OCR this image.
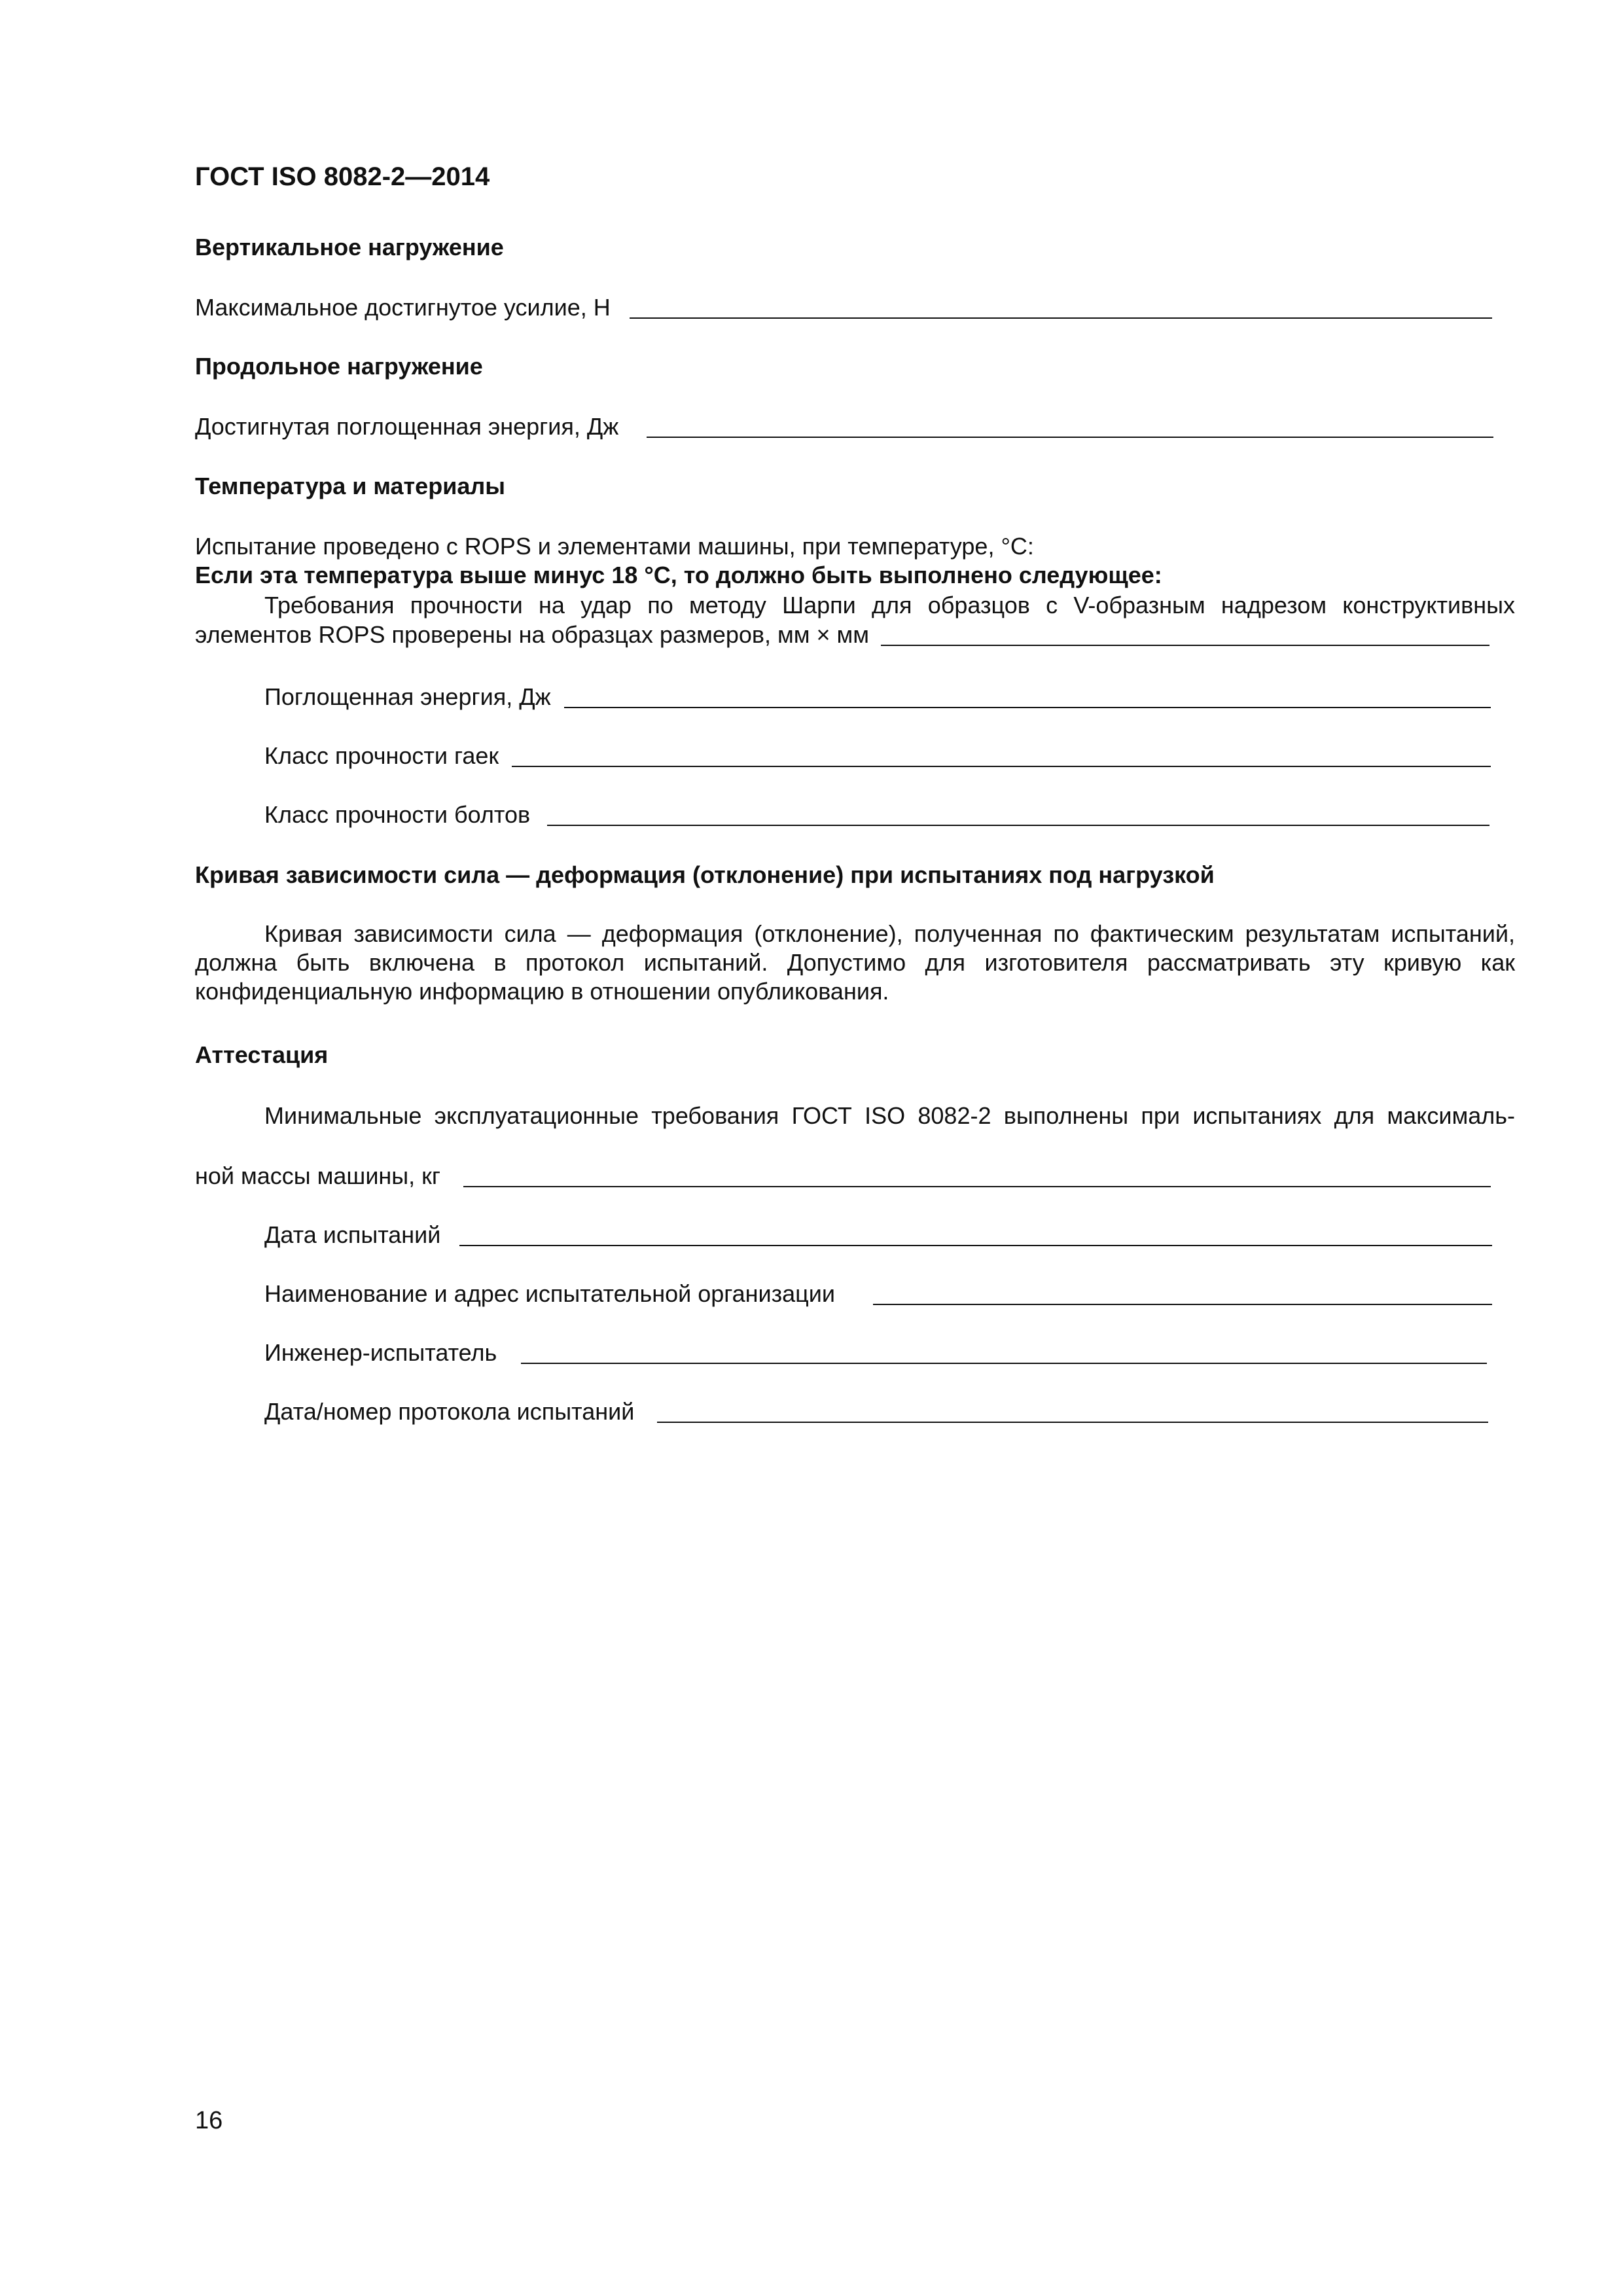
ГОСТ ISO 8082-2—2014
Вертикальное нагружение
Максимальное достигнутое усилие, Н
Продольное нагружение
Достигнутая поглощенная энергия, Дж
Температура и материалы
Испытание проведено с ROPS и элементами машины, при температуре, °С:
Если эта температура выше минус 18 °С, то должно быть выполнено следующее:
Требования прочности на удар по методу Шарпи для образцов с V-образным надрезом конструктивных
элементов ROPS проверены на образцах размеров, мм × мм
Поглощенная энергия, Дж
Класс прочности гаек
Класс прочности болтов
Кривая зависимости сила — деформация (отклонение) при испытаниях под нагрузкой
Кривая зависимости сила — деформация (отклонение), полученная по фактическим результатам испытаний, должна быть включена в протокол испытаний. Допустимо для изготовителя рассматривать эту кривую как конфиденциальную информацию в отношении опубликования.
Аттестация
Минимальные эксплуатационные требования ГОСТ ISO 8082-2 выполнены при испытаниях для максималь-
ной массы машины, кг
Дата испытаний
Наименование и адрес испытательной организации
Инженер-испытатель
Дата/номер протокола испытаний
16
